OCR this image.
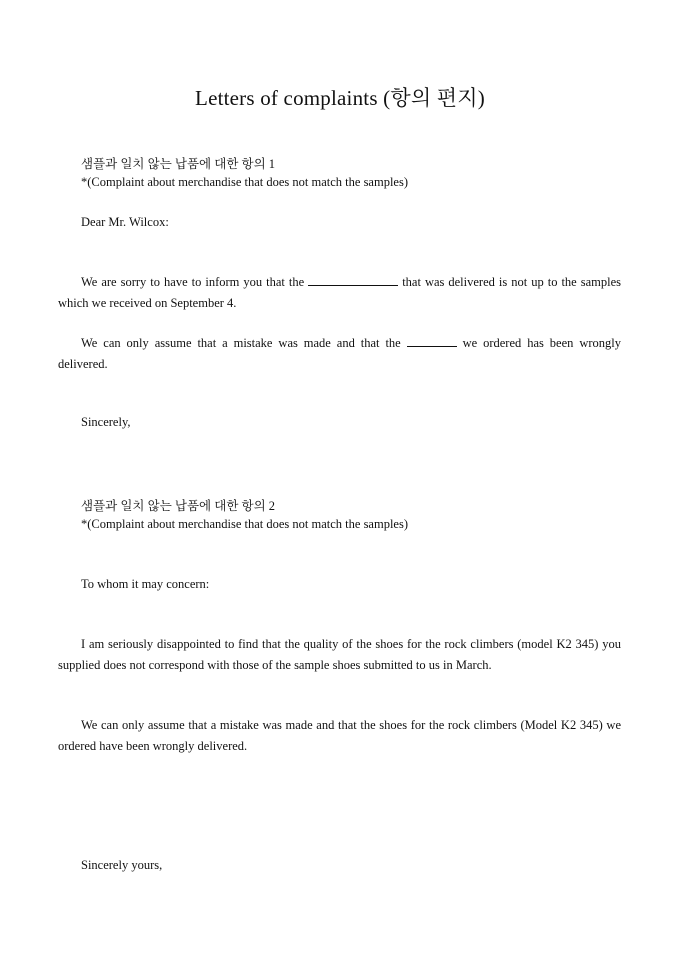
Letters of complaints (항의 편지)
샘플과 일치 않는 납품에 대한 항의 1
*(Complaint about merchandise that does not match the samples)
Dear Mr. Wilcox:
We are sorry to have to inform you that the	that was delivered is not up to the samples which we received on September 4.
We can only assume that a mistake was made and that the	we ordered has been wrongly delivered.
Sincerely,
샘플과 일치 않는 납품에 대한 항의 2
*(Complaint about merchandise that does not match the samples)
To whom it may concern:
I am seriously disappointed to find that the quality of the shoes for the rock climbers (model K2 345) you supplied does not correspond with those of the sample shoes submitted to us in March.
We can only assume that a mistake was made and that the shoes for the rock climbers (Model K2 345) we ordered have been wrongly delivered.
Sincerely yours,
